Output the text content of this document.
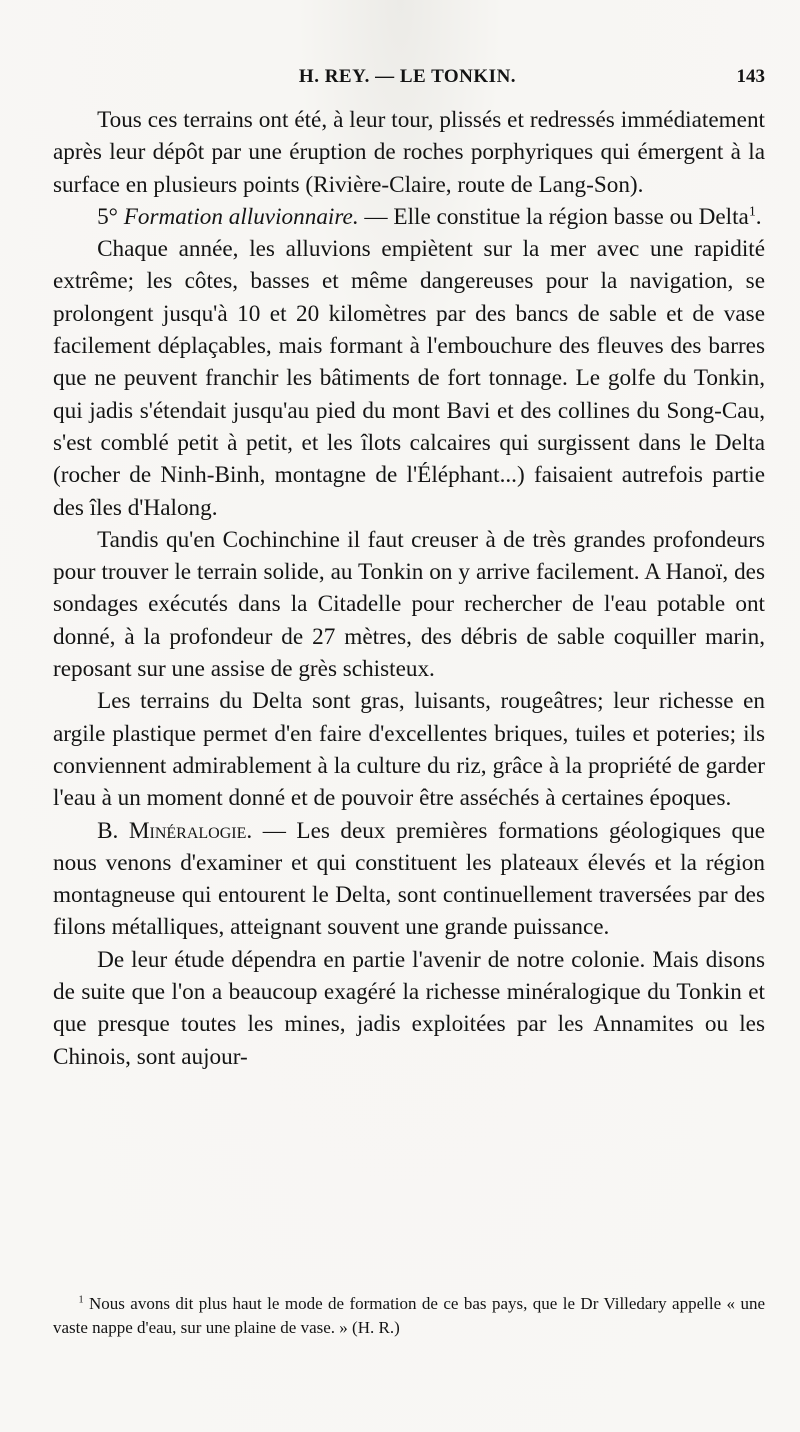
H. REY. — LE TONKIN.	143

Tous ces terrains ont été, à leur tour, plissés et redressés immédiatement après leur dépôt par une éruption de roches porphyriques qui émergent à la surface en plusieurs points (Rivière-Claire, route de Lang-Son).

5° Formation alluvionnaire. — Elle constitue la région basse ou Delta$^1$.

Chaque année, les alluvions empiètent sur la mer avec une rapidité extrême; les côtes, basses et même dangereuses pour la navigation, se prolongent jusqu'à 10 et 20 kilomètres par des bancs de sable et de vase facilement déplaçables, mais formant à l'embouchure des fleuves des barres que ne peuvent franchir les bâtiments de fort tonnage. Le golfe du Tonkin, qui jadis s'étendait jusqu'au pied du mont Bavi et des collines du Song-Cau, s'est comblé petit à petit, et les îlots calcaires qui surgissent dans le Delta (rocher de Ninh-Binh, montagne de l'Éléphant...) faisaient autrefois partie des îles d'Halong.

Tandis qu'en Cochinchine il faut creuser à de très grandes profondeurs pour trouver le terrain solide, au Tonkin on y arrive facilement. A Hanoï, des sondages exécutés dans la Citadelle pour rechercher de l'eau potable ont donné, à la profondeur de 27 mètres, des débris de sable coquiller marin, reposant sur une assise de grès schisteux.

Les terrains du Delta sont gras, luisants, rougeâtres; leur richesse en argile plastique permet d'en faire d'excellentes briques, tuiles et poteries; ils conviennent admirablement à la culture du riz, grâce à la propriété de garder l'eau à un moment donné et de pouvoir être asséchés à certaines époques.

B. Minéralogie. — Les deux premières formations géologiques que nous venons d'examiner et qui constituent les plateaux élevés et la région montagneuse qui entourent le Delta, sont continuellement traversées par des filons métalliques, atteignant souvent une grande puissance.

De leur étude dépendra en partie l'avenir de notre colonie. Mais disons de suite que l'on a beaucoup exagéré la richesse minéralogique du Tonkin et que presque toutes les mines, jadis exploitées par les Annamites ou les Chinois, sont aujour-

$^1$ Nous avons dit plus haut le mode de formation de ce bas pays, que le Dr Villedary appelle « une vaste nappe d'eau, sur une plaine de vase. » (H. R.)
